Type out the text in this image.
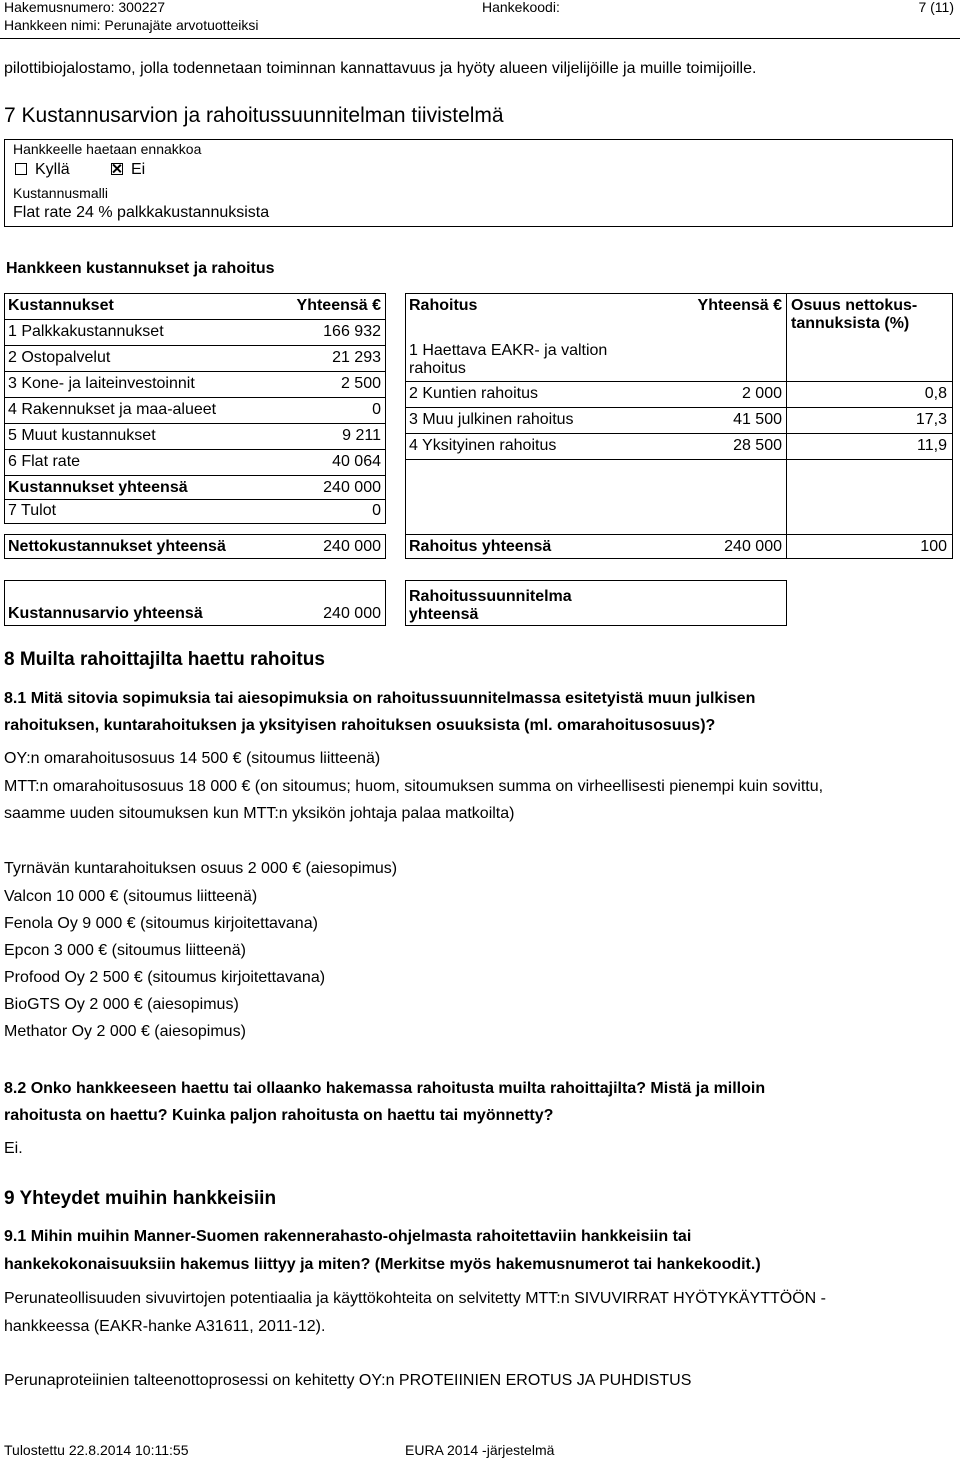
Hakemusnumero: 300227
Hankkeen nimi: Perunajäte arvotuotteiksi
Hankekoodi:	7 (11)
pilottibiojalostamo, jolla todennetaan toiminnan kannattavuus ja hyöty alueen viljelijöille ja muille toimijoille.
7 Kustannusarvion ja rahoitussuunnitelman tiivistelmä
Hankkeelle haetaan ennakkoa
Kyllä	Ei
Kustannusmalli
Flat rate 24 % palkkakustannuksista
Hankkeen kustannukset ja rahoitus
Kustannukset	Yhteensä €
1 Palkkakustannukset	166 932
2 Ostopalvelut	21 293
3 Kone- ja laiteinvestoinnit	2 500
4 Rakennukset ja maa-alueet	0
5 Muut kustannukset	9 211
6 Flat rate	40 064
Kustannukset yhteensä	240 000
7 Tulot	0
Nettokustannukset yhteensä	240 000
Kustannusarvio yhteensä	240 000
Rahoitus	Yhteensä € Osuus nettokus-
tannuksista (%)
1 Haettava EAKR- ja valtion
rahoitus
2 Kuntien rahoitus	2 000	0,8
3 Muu julkinen rahoitus	41 500	17,3
4 Yksityinen rahoitus	28 500	11,9
Rahoitus yhteensä	240 000	100
Rahoitussuunnitelma
yhteensä
8 Muilta rahoittajilta haettu rahoitus
8.1 Mitä sitovia sopimuksia tai aiesopimuksia on rahoitussuunnitelmassa esitetyistä muun julkisen
rahoituksen, kuntarahoituksen ja yksityisen rahoituksen osuuksista (ml. omarahoitusosuus)?
OY:n omarahoitusosuus 14 500 € (sitoumus liitteenä)
MTT:n omarahoitusosuus 18 000 € (on sitoumus; huom, sitoumuksen summa on virheellisesti pienempi kuin sovittu,
saamme uuden sitoumuksen kun MTT:n yksikön johtaja palaa matkoilta)
Tyrnävän kuntarahoituksen osuus 2 000 € (aiesopimus)
Valcon 10 000 € (sitoumus liitteenä)
Fenola Oy 9 000 € (sitoumus kirjoitettavana)
Epcon 3 000 € (sitoumus liitteenä)
Profood Oy 2 500 € (sitoumus kirjoitettavana)
BioGTS Oy 2 000 € (aiesopimus)
Methator Oy 2 000 € (aiesopimus)
8.2 Onko hankkeeseen haettu tai ollaanko hakemassa rahoitusta muilta rahoittajilta? Mistä ja milloin
rahoitusta on haettu? Kuinka paljon rahoitusta on haettu tai myönnetty?
Ei.
9 Yhteydet muihin hankkeisiin
9.1 Mihin muihin Manner-Suomen rakennerahasto-ohjelmasta rahoitettaviin hankkeisiin tai
hankekokonaisuuksiin hakemus liittyy ja miten? (Merkitse myös hakemusnumerot tai hankekoodit.)
Perunateollisuuden sivuvirtojen potentiaalia ja käyttökohteita on selvitetty MTT:n SIVUVIRRAT HYÖTYKÄYTTÖÖN -
hankkeessa (EAKR-hanke A31611, 2011-12).
Perunaproteiinien talteenottoprosessi on kehitetty OY:n PROTEIINIEN EROTUS JA PUHDISTUS
Tulostettu 22.8.2014 10:11:55	EURA 2014 -järjestelmä
